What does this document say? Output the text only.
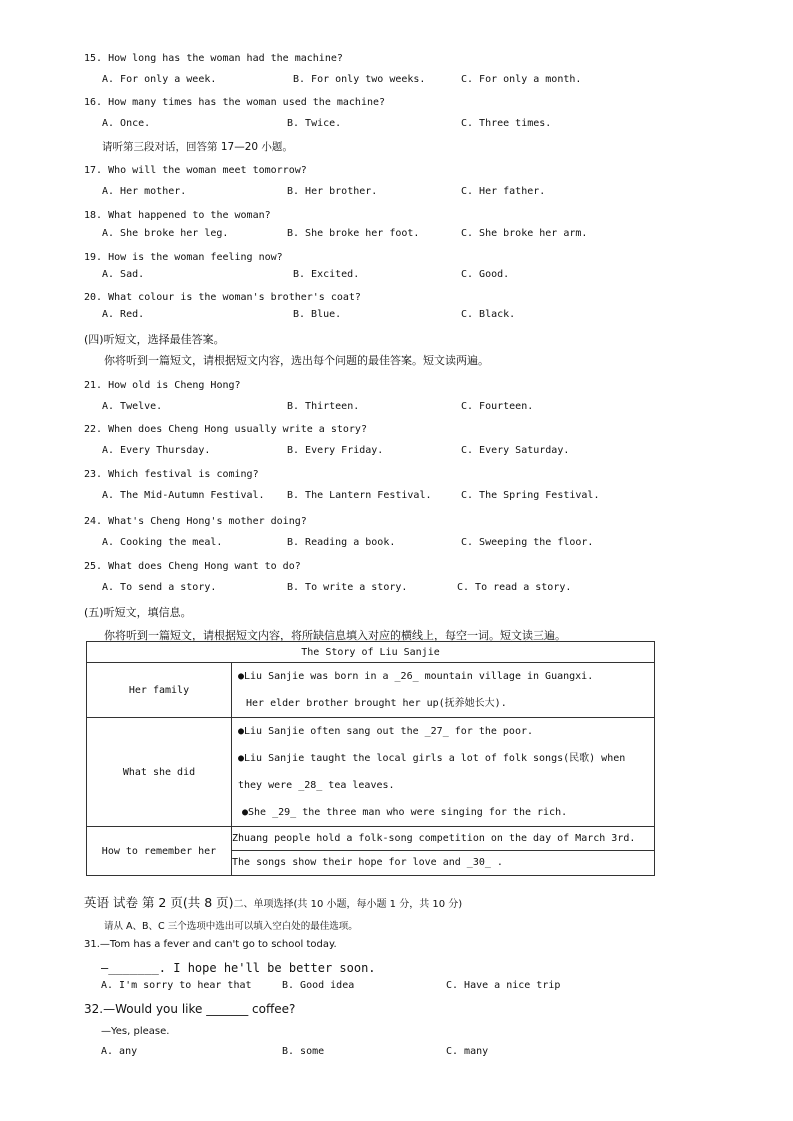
15. How long has the woman had the machine?
A. For only a week.	B. For only two weeks.	C. For only a month.
16. How many times has the woman used the machine?
A. Once.	B. Twice.	C. Three times.
请听第三段对话，回答第 17—20 小题。
17. Who will the woman meet tomorrow?
A. Her mother.	B. Her brother.	C. Her father.
18. What happened to the woman?
A. She broke her leg.	B. She broke her foot.	C. She broke her arm.
19. How is the woman feeling now?
A. Sad.	B. Excited.	C. Good.
20. What colour is the woman's brother's coat?
A. Red.	B. Blue.	C. Black.
(四)听短文，选择最佳答案。
你将听到一篇短文，请根据短文内容，选出每个问题的最佳答案。短文读两遍。
21. How old is Cheng Hong?
A. Twelve.	B. Thirteen.	C. Fourteen.
22. When does Cheng Hong usually write a story?
A. Every Thursday.	B. Every Friday.	C. Every Saturday.
23. Which festival is coming?
A. The Mid-Autumn Festival. B. The Lantern Festival.	C. The Spring Festival.
24. What's Cheng Hong's mother doing?
A. Cooking the meal.	B. Reading a book.	C. Sweeping the floor.
25. What does Cheng Hong want to do?
A. To send a story.	B. To write a story.	C. To read a story.
(五)听短文，填信息。
你将听到一篇短文，请根据短文内容，将所缺信息填入对应的横线上，每空一词。短文读三遍。
The Story of Liu Sanjie	
Her family	●Liu Sanjie was born in a _26_ mountain village in Guangxi.
Her elder brother brought her up(抚养她长大).

What she did	●Liu Sanjie often sang out the _27_ for the poor.
●Liu Sanjie taught the local girls a lot of folk songs(民歌) when
they were _28_ tea leaves.
●She _29_ the three man who were singing for the rich.

How to remember her	Zhuang people hold a folk-song competition on the day of March 3rd.
The songs show their hope for love and _30_ .
英语 试卷 第 2 页(共 8 页)二、单项选择(共 10 小题，每小题 1 分，共 10 分)
请从 A、B、C 三个选项中选出可以填入空白处的最佳选项。
31.—Tom has a fever and can't go to school today.
—_______. I hope he'll be better soon.
A. I'm sorry to hear that	B. Good idea	C. Have a nice trip
32.—Would you like _______ coffee?
—Yes, please.
A. any	B. some	C. many
